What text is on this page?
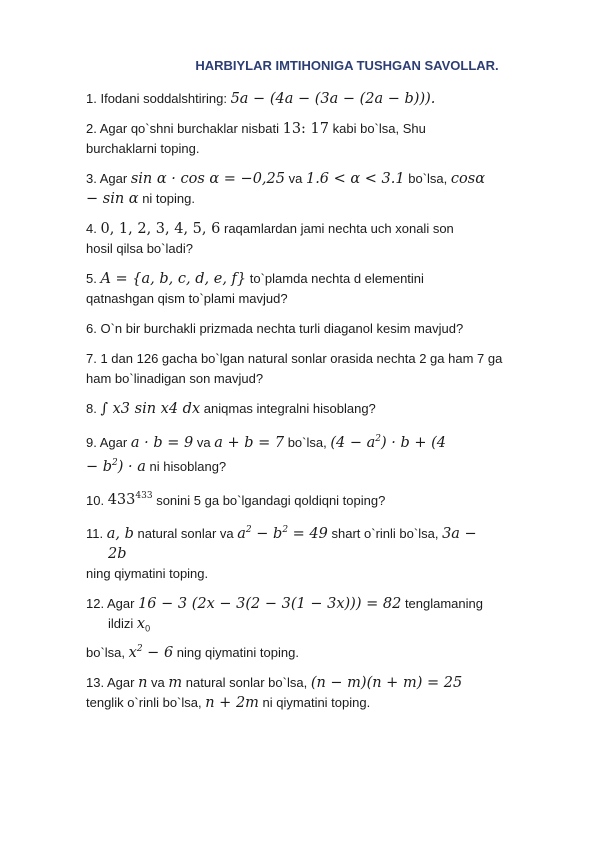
HARBIYLAR IMTIHONIGA TUSHGAN SAVOLLAR.
1. Ifodani soddalshtiring: 5a − (4a − (3a − (2a − b))).
2. Agar qo`shni burchaklar nisbati 13: 17 kabi bo`lsa, Shu
burchaklarni toping.
3. Agar sin α · cos α = −0,25 va 1.6 < α < 3.1 bo`lsa, cosα
− sin α ni toping.
4. 0, 1, 2, 3, 4, 5, 6 raqamlardan jami nechta uch xonali son
hosil qilsa bo`ladi?
5. A = {a, b, c, d, e, f} to`plamda nechta d elementini
qatnashgan qism to`plami mavjud?
6. O`n bir burchakli prizmada nechta turli diaganol kesim mavjud?
7. 1 dan 126 gacha bo`lgan natural sonlar orasida nechta 2 ga ham 7 ga
ham bo`linadigan son mavjud?
8. ∫ x3 sin x4 dx aniqmas integralni hisoblang?
9. Agar a · b = 9 va a + b = 7 bo`lsa, $(4 - a^2) \cdot b + (4$
− $b^2) \cdot a$ ni hisoblang?
10. $433^{433}$ sonini 5 ga bo`lgandagi qoldiqni toping?
11. a, b natural sonlar va $a^2 - b^2 = 49$ shart o`rinli bo`lsa, 3a −
2b
ning qiymatini toping.
12. Agar 16 − 3 (2x − 3(2 − 3(1 − 3x))) = 82 tenglamaning
ildizi $x_0$
bo`lsa, $x^2 - 6$ ning qiymatini toping.
13. Agar n va m natural sonlar bo`lsa, (n − m)(n + m) = 25
tenglik o`rinli bo`lsa, n + 2m ni qiymatini toping.
